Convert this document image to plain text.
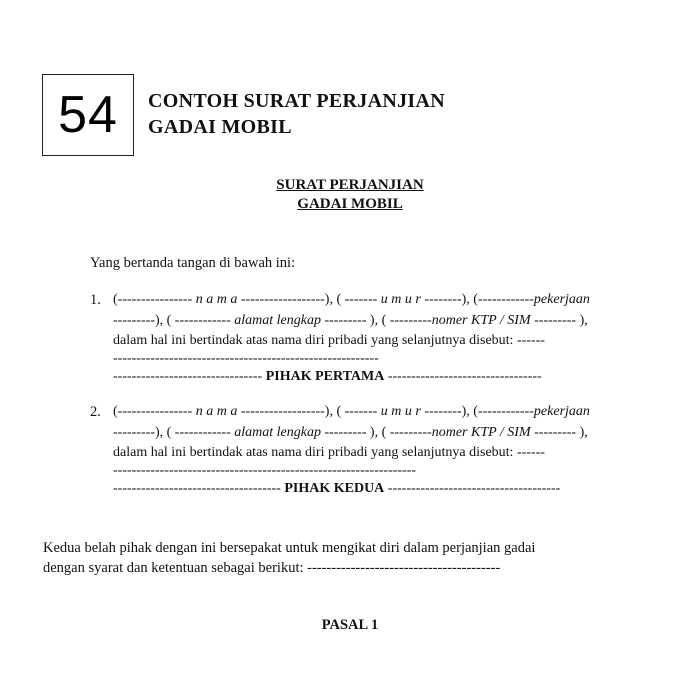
54 CONTOH SURAT PERJANJIAN
GADAI MOBIL
SURAT PERJANJIAN
GADAI MOBIL
Yang bertanda tangan di bawah ini:
1. (---------------- n a m a ------------------), ( ------- u m u r --------), (------------pekerjaan
---------), ( ------------ alamat lengkap --------- ), ( ---------nomer KTP / SIM --------- ),
dalam hal ini bertindak atas nama diri pribadi yang selanjutnya disebut: ------
---------------------------------------------------------
-------------------------------- PIHAK PERTAMA ---------------------------------
2. (---------------- n a m a ------------------), ( ------- u m u r --------), (------------pekerjaan
---------), ( ------------ alamat lengkap --------- ), ( ---------nomer KTP / SIM --------- ),
dalam hal ini bertindak atas nama diri pribadi yang selanjutnya disebut: ------
-----------------------------------------------------------------
------------------------------------ PIHAK KEDUA -------------------------------------
Kedua belah pihak dengan ini bersepakat untuk mengikat diri dalam perjanjian gadai
dengan syarat dan ketentuan sebagai berikut: ----------------------------------------
PASAL 1
